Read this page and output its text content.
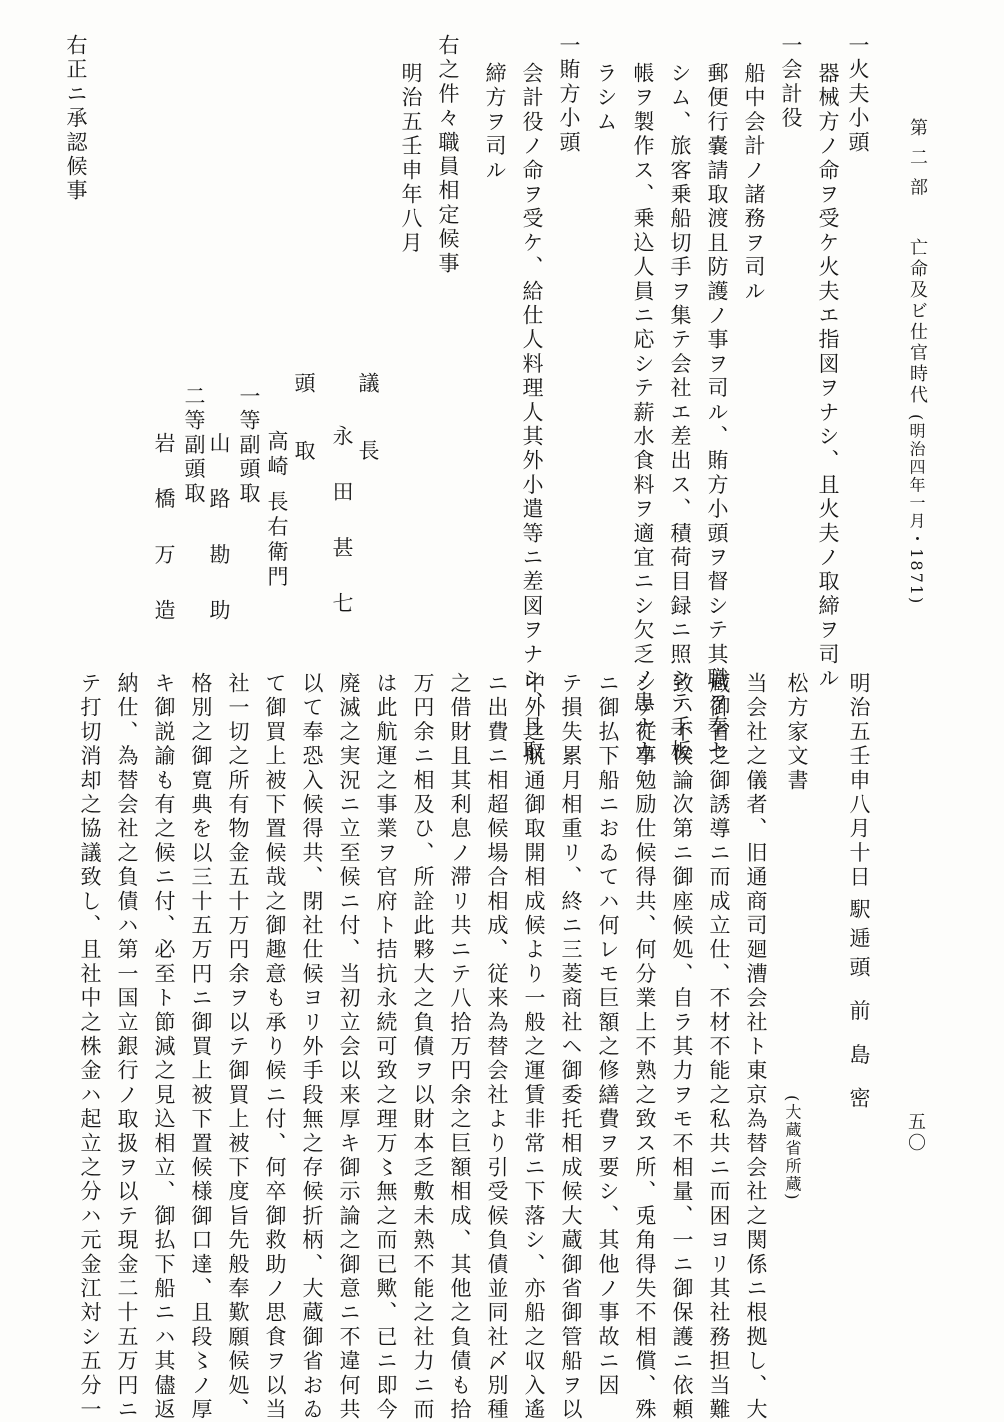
五〇
第 二 部
亡命及ビ仕官時代
(明治四年一月・1871)
一火夫小頭
器械方ノ命ヲ受ケ火夫エ指図ヲナシ、且火夫ノ取締ヲ司ル
一会計役
船中会計ノ諸務ヲ司ル
郵便行嚢請取渡且防護ノ事ヲ司ル、賄方小頭ヲ督シテ其職ヲ奉セ
シム、旅客乗船切手ヲ集テ会社エ差出ス、積荷目録ニ照シテ手板
帳ヲ製作ス、乗込人員ニ応シテ薪水食料ヲ適宜ニシ欠乏ノ患ナカ
ラシム
一賄方小頭
会計役ノ命ヲ受ケ、給仕人料理人其外小遣等ニ差図ヲナシ、且取
締方ヲ司ル
右之件々職員相定候事
明治五壬申年八月
議 長
永 田 甚 七
頭 取
高崎 長右衛門
一等副頭取
山 路 勘 助
二等副頭取
岩 橋 万 造
右正ニ承認候事
明治五壬申八月十日
駅逓頭 前 島 密
松方家文書
(大蔵省所蔵)
当会社之儀者、旧通商司廻漕会社ト東京為替会社之関係ニ根拠し、大
蔵御省之御誘導ニ而成立仕、不材不能之私共ニ而困ヨリ其社務担当難
致ハ不俟論次第ニ御座候処、自ラ其力ヲモ不相量、一ニ御保護ニ依頼
シテ従事勉励仕候得共、何分業上不熟之致ス所、兎角得失不相償、殊
ニ御払下船ニおゐてハ何レモ巨額之修繕費ヲ要シ、其他ノ事故ニ因
テ損失累月相重リ、終ニ三菱商社ヘ御委托相成候大蔵御省御管船ヲ以
中外之航通御取開相成候より一般之運賃非常ニ下落シ、亦船之収入遙
ニ出費ニ相超候場合相成、従来為替会社より引受候負債並同社〆別種
之借財且其利息ノ滞リ共ニテ八拾万円余之巨額相成、其他之負債も拾
万円余ニ相及ひ、所詮此夥大之負債ヲ以財本乏敷未熟不能之社力ニ而
は此航運之事業ヲ官府ト拮抗永続可致之理万〻無之而已歟、已ニ即今
廃滅之実況ニ立至候ニ付、当初立会以来厚キ御示論之御意ニ不違何共
以て奉恐入候得共、閉社仕候ヨリ外手段無之存候折柄、大蔵御省おゐ
て御買上被下置候哉之御趣意も承り候ニ付、何卒御救助ノ思食ヲ以当
社一切之所有物金五十万円余ヲ以テ御買上被下度旨先般奉歎願候処、
格別之御寛典を以三十五万円ニ御買上被下置候様御口達、且段〻ノ厚
キ御説諭も有之候ニ付、必至ト節減之見込相立、御払下船ニハ其儘返
納仕、為替会社之負債ハ第一国立銀行ノ取扱ヲ以テ現金二十五万円ニ
テ打切消却之協議致し、且社中之株金ハ起立之分ハ元金江対シ五分一
